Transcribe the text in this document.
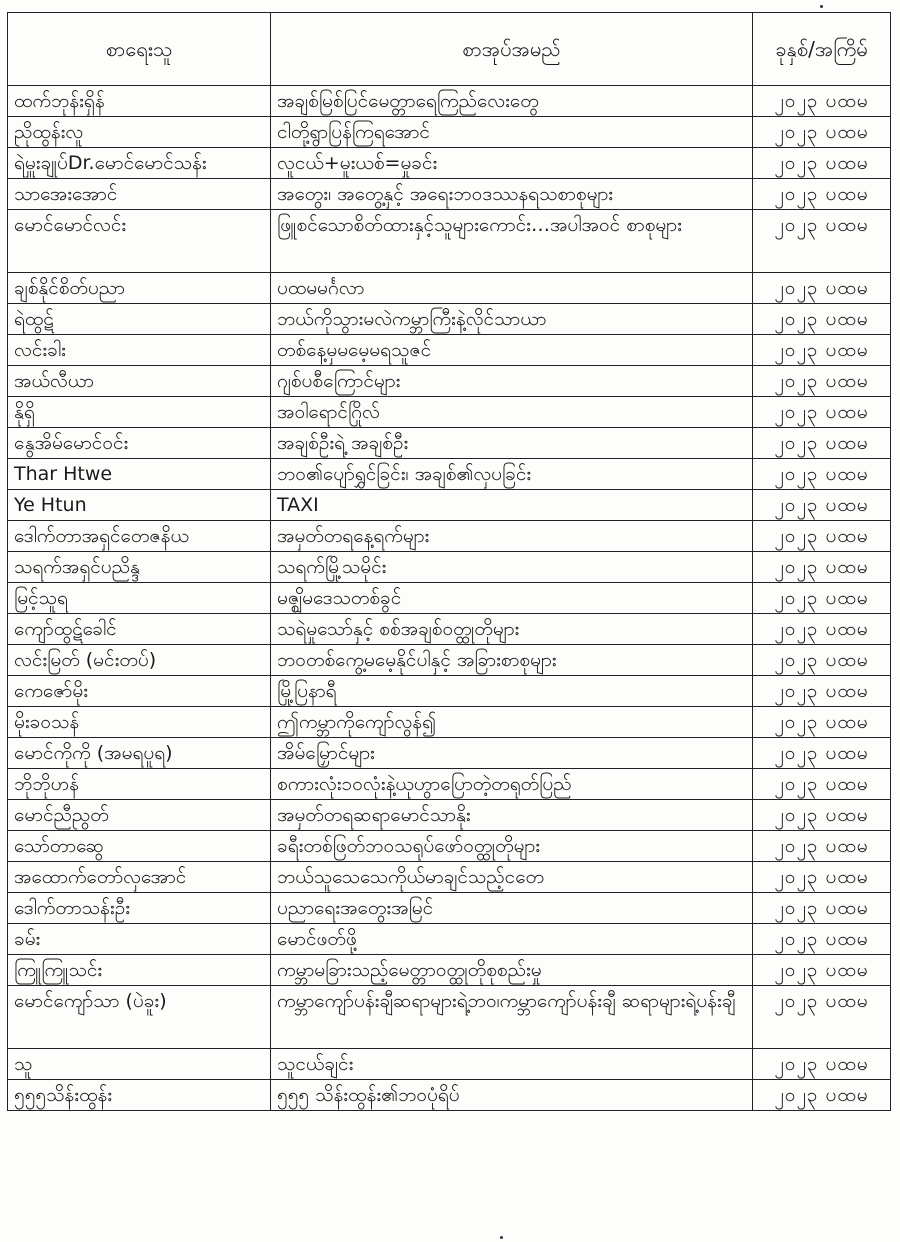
စာရေးသူ	စာအုပ်အမည်	ခုနှစ်/အကြိမ်
ထက်ဘုန်းရှိန်	အချစ်မြစ်ပြင်မေတ္တာရေကြည်လေးတွေ	၂၀၂၃ ပထမ
ညိုထွန်းလူ	ငါတို့ရွာပြန်ကြရအောင်	၂၀၂၃ ပထမ
ရဲမှူးချုပ်Dr.မောင်မောင်သန်း	လူငယ်+မူးယစ်=မှုခင်း	၂၀၂၃ ပထမ
သာအေးအောင်	အတွေး၊ အတွေ့နှင့် အရေးဘဝဒဿနရသစာစုများ	၂၀၂၃ ပထမ
မောင်မောင်လင်း	ဖြူစင်သောစိတ်ထားနှင့်သူများကောင်း…အပါအဝင် စာစုများ	၂၀၂၃ ပထမ
ချစ်နိုင်စိတ်ပညာ	ပထမမင်္ဂလာ	၂၀၂၃ ပထမ
ရဲထွဋ်	ဘယ်ကိုသွားမလဲကမ္ဘာကြီးနဲ့လိုင်သာယာ	၂၀၂၃ ပထမ
လင်းခါး	တစ်နေ့မှမမေ့မရသူဇင်	၂၀၂၃ ပထမ
အယ်လီယာ	ဂျစ်ပစီကြောင်များ	၂၀၂၃ ပထမ
နိုရှိ	အဝါရောင်ဂြိုလ်	၂၀၂၃ ပထမ
နွေအိမ်မောင်ဝင်း	အချစ်ဦးရဲ့ အချစ်ဦး	၂၀၂၃ ပထမ
Thar Htwe	ဘဝ၏ပျော်ရွှင်ခြင်း၊ အချစ်၏လှပခြင်း	၂၀၂၃ ပထမ
Ye Htun	TAXI	၂၀၂၃ ပထမ
ဒေါက်တာအရှင်တေဇနိယ	အမှတ်တရနေ့ရက်များ	၂၀၂၃ ပထမ
သရက်အရှင်ပညိန္ဒ	သရက်မြို့သမိုင်း	၂၀၂၃ ပထမ
မြင့်သူရ	မဇ္ဈိမဒေသတစ်ခွင်	၂၀၂၃ ပထမ
ကျော်ထွဋ်ခေါင်	သရဲမှုသော်နှင့် စစ်အချစ်ဝတ္ထုတိုများ	၂၀၂၃ ပထမ
လင်းမြတ် (မင်းတပ်)	ဘဝတစ်ကွေ့မမေ့နိုင်ပါနှင့် အခြားစာစုများ	၂၀၂၃ ပထမ
ကေဇော်မိုး	မြို့ပြနာရီ	၂၀၂၃ ပထမ
မိုးခဝသန်	ဤကမ္ဘာကိုကျော်လွန်၍	၂၀၂၃ ပထမ
မောင်ကိုကို (အမရပူရ)	အိမ်မြှောင်များ	၂၀၂၃ ပထမ
ဘိုဘိုဟန်	စကားလုံး၁၀လုံးနဲ့ယုဟွာပြောတဲ့တရုတ်ပြည်	၂၀၂၃ ပထမ
မောင်ညီညွတ်	အမှတ်တရဆရာမောင်သာနိုး	၂၀၂၃ ပထမ
သော်တာဆွေ	ခရီးတစ်ဖြတ်ဘဝသရုပ်ဖော်ဝတ္ထုတိုများ	၂၀၂၃ ပထမ
အထောက်တော်လှအောင်	ဘယ်သူသေသေကိုယ်မာချင်သည့်ငတေ	၂၀၂၃ ပထမ
ဒေါက်တာသန်းဦး	ပညာရေးအတွေးအမြင်	၂၀၂၃ ပထမ
ခမ်း	မောင်ဖတ်ဖို့	၂၀၂၃ ပထမ
ကြူကြူသင်း	ကမ္ဘာမခြားသည့်မေတ္တာဝတ္ထုတိုစုစည်းမှု	၂၀၂၃ ပထမ
မောင်ကျော်သာ (ပဲခူး)	ကမ္ဘာကျော်ပန်းချီဆရာများရဲ့ဘဝ၊ကမ္ဘာကျော်ပန်းချီ ဆရာများရဲ့ပန်းချီ	၂၀၂၃ ပထမ
သူ	သူငယ်ချင်း	၂၀၂၃ ပထမ
၅၅၅သိန်းထွန်း	၅၅၅ သိန်းထွန်း၏ဘဝပုံရိပ်	၂၀၂၃ ပထမ
